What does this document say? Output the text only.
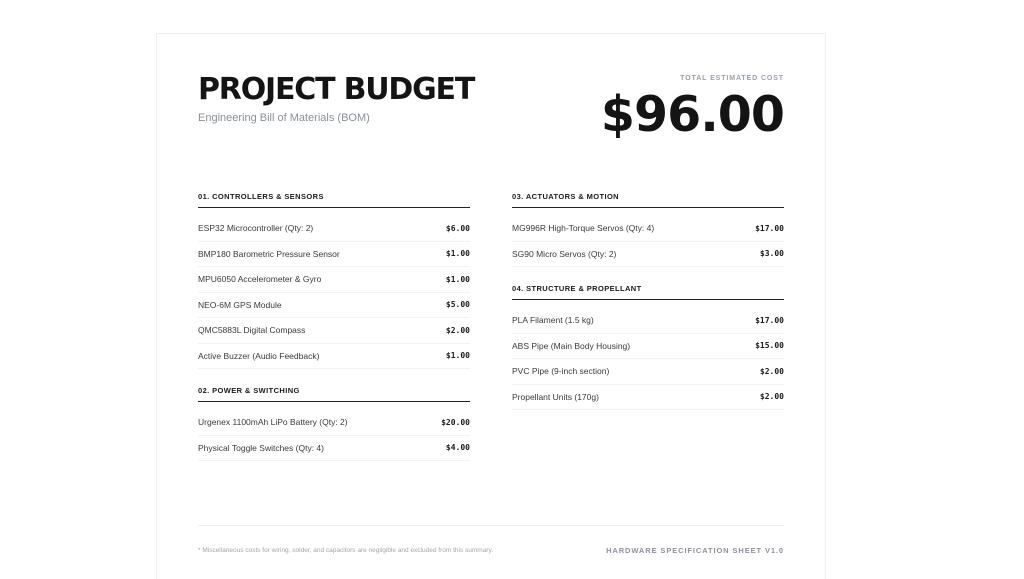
PROJECT BUDGET
Engineering Bill of Materials (BOM)
TOTAL ESTIMATED COST
$96.00
01. CONTROLLERS & SENSORS
ESP32 Microcontroller (Qty: 2)	$6.00
BMP180 Barometric Pressure Sensor	$1.00
MPU6050 Accelerometer & Gyro	$1.00
NEO-6M GPS Module	$5.00
QMC5883L Digital Compass	$2.00
Active Buzzer (Audio Feedback)	$1.00
02. POWER & SWITCHING
Urgenex 1100mAh LiPo Battery (Qty: 2)	$20.00
Physical Toggle Switches (Qty: 4)	$4.00
03. ACTUATORS & MOTION
MG996R High-Torque Servos (Qty: 4)	$17.00
SG90 Micro Servos (Qty: 2)	$3.00
04. STRUCTURE & PROPELLANT
PLA Filament (1.5 kg)	$17.00
ABS Pipe (Main Body Housing)	$15.00
PVC Pipe (9-inch section)	$2.00
Propellant Units (170g)	$2.00
* Miscellaneous costs for wiring, solder, and capacitors are negligible and excluded from this summary.	HARDWARE SPECIFICATION SHEET V1.0
